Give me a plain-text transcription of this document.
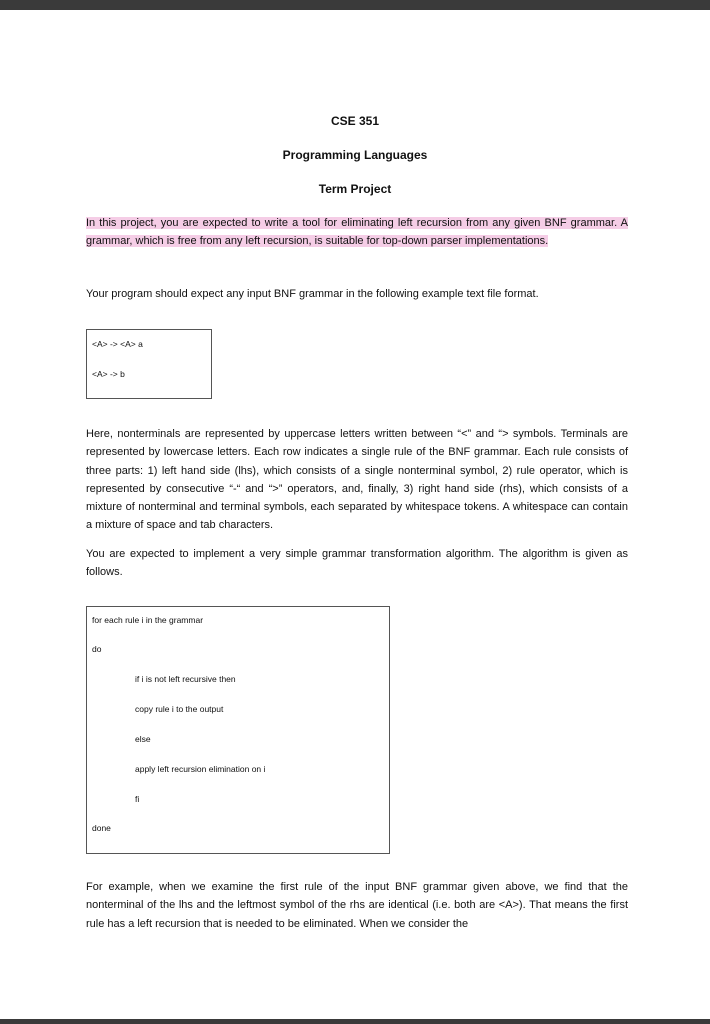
CSE 351
Programming Languages
Term Project

In this project, you are expected to write a tool for eliminating left recursion from any given BNF grammar. A grammar, which is free from any left recursion, is suitable for top-down parser implementations.

Your program should expect any input BNF grammar in the following example text file format.

<A> -> <A> a
<A> -> b

Here, nonterminals are represented by uppercase letters written between “<” and “> symbols. Terminals are represented by lowercase letters. Each row indicates a single rule of the BNF grammar. Each rule consists of three parts: 1) left hand side (lhs), which consists of a single nonterminal symbol, 2) rule operator, which is represented by consecutive “-“ and “>” operators, and, finally, 3) right hand side (rhs), which consists of a mixture of nonterminal and terminal symbols, each separated by whitespace tokens. A whitespace can contain a mixture of space and tab characters.

You are expected to implement a very simple grammar transformation algorithm. The algorithm is given as follows.

for each rule i in the grammar
do
if i is not left recursive then
copy rule i to the output
else
apply left recursion elimination on i
fi
done

For example, when we examine the first rule of the input BNF grammar given above, we find that the nonterminal of the lhs and the leftmost symbol of the rhs are identical (i.e. both are <A>). That means the first rule has a left recursion that is needed to be eliminated. When we consider the
